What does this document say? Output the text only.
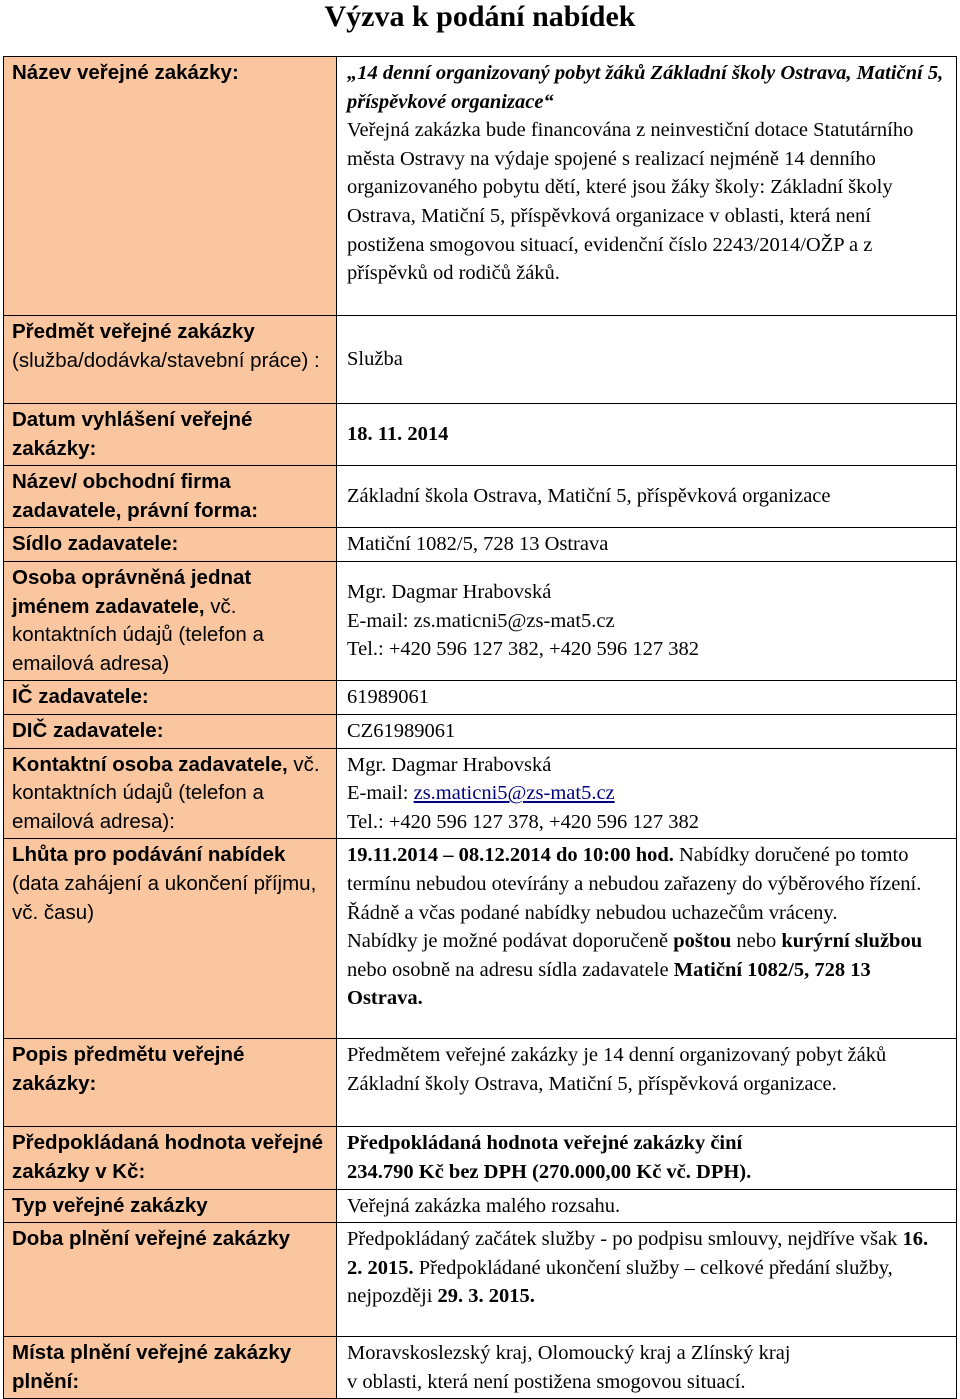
Výzva k podání nabídek
Název veřejné zakázky:	„14 denní organizovaný pobyt žáků Základní školy Ostrava, Matiční 5, příspěvkové organizace“
Veřejná zakázka bude financována z neinvestiční dotace Statutárního města Ostravy na výdaje spojené s realizací nejméně 14 denního organizovaného pobytu dětí, které jsou žáky školy: Základní školy Ostrava, Matiční 5, příspěvková organizace v oblasti, která není postižena smogovou situací, evidenční číslo 2243/2014/OŽP a z příspěvků od rodičů žáků.

Předmět veřejné zakázky
(služba/dodávka/stavební práce) :	Služba
Datum vyhlášení veřejné zakázky:	18. 11. 2014
Název/ obchodní firma zadavatele, právní forma:	Základní škola Ostrava, Matiční 5, příspěvková organizace
Sídlo zadavatele:	Matiční 1082/5, 728 13 Ostrava
Osoba oprávněná jednat jménem zadavatele, vč. kontaktních údajů (telefon a emailová adresa)	Mgr. Dagmar Hrabovská
E-mail: zs.maticni5@zs-mat5.cz
Tel.: +420 596 127 382, +420 596 127 382

IČ zadavatele:	61989061
DIČ zadavatele:	CZ61989061
Kontaktní osoba zadavatele, vč. kontaktních údajů (telefon a emailová adresa):	Mgr. Dagmar Hrabovská
E-mail: zs.maticni5@zs-mat5.cz
Tel.: +420 596 127 378, +420 596 127 382

Lhůta pro podávání nabídek (data zahájení a ukončení příjmu, vč. času)	19.11.2014 – 08.12.2014 do 10:00 hod. Nabídky doručené po tomto termínu nebudou otevírány a nebudou zařazeny do výběrového řízení. Řádně a včas podané nabídky nebudou uchazečům vráceny.
Nabídky je možné podávat doporučeně poštou nebo kurýrní službou nebo osobně na adresu sídla zadavatele Matiční 1082/5, 728 13 Ostrava.

Popis předmětu veřejné zakázky:	Předmětem veřejné zakázky je 14 denní organizovaný pobyt žáků Základní školy Ostrava, Matiční 5, příspěvková organizace.
Předpokládaná hodnota veřejné zakázky v Kč:	Předpokládaná hodnota veřejné zakázky činí
234.790 Kč bez DPH (270.000,00 Kč vč. DPH).

Typ veřejné zakázky	Veřejná zakázka malého rozsahu.
Doba plnění veřejné zakázky	Předpokládaný začátek služby - po podpisu smlouvy, nejdříve však 16. 2. 2015. Předpokládané ukončení služby – celkové předání služby, nejpozději 29. 3. 2015.
Místa plnění veřejné zakázky plnění:	Moravskoslezský kraj, Olomoucký kraj a Zlínský kraj
v oblasti, která není postižena smogovou situací.
